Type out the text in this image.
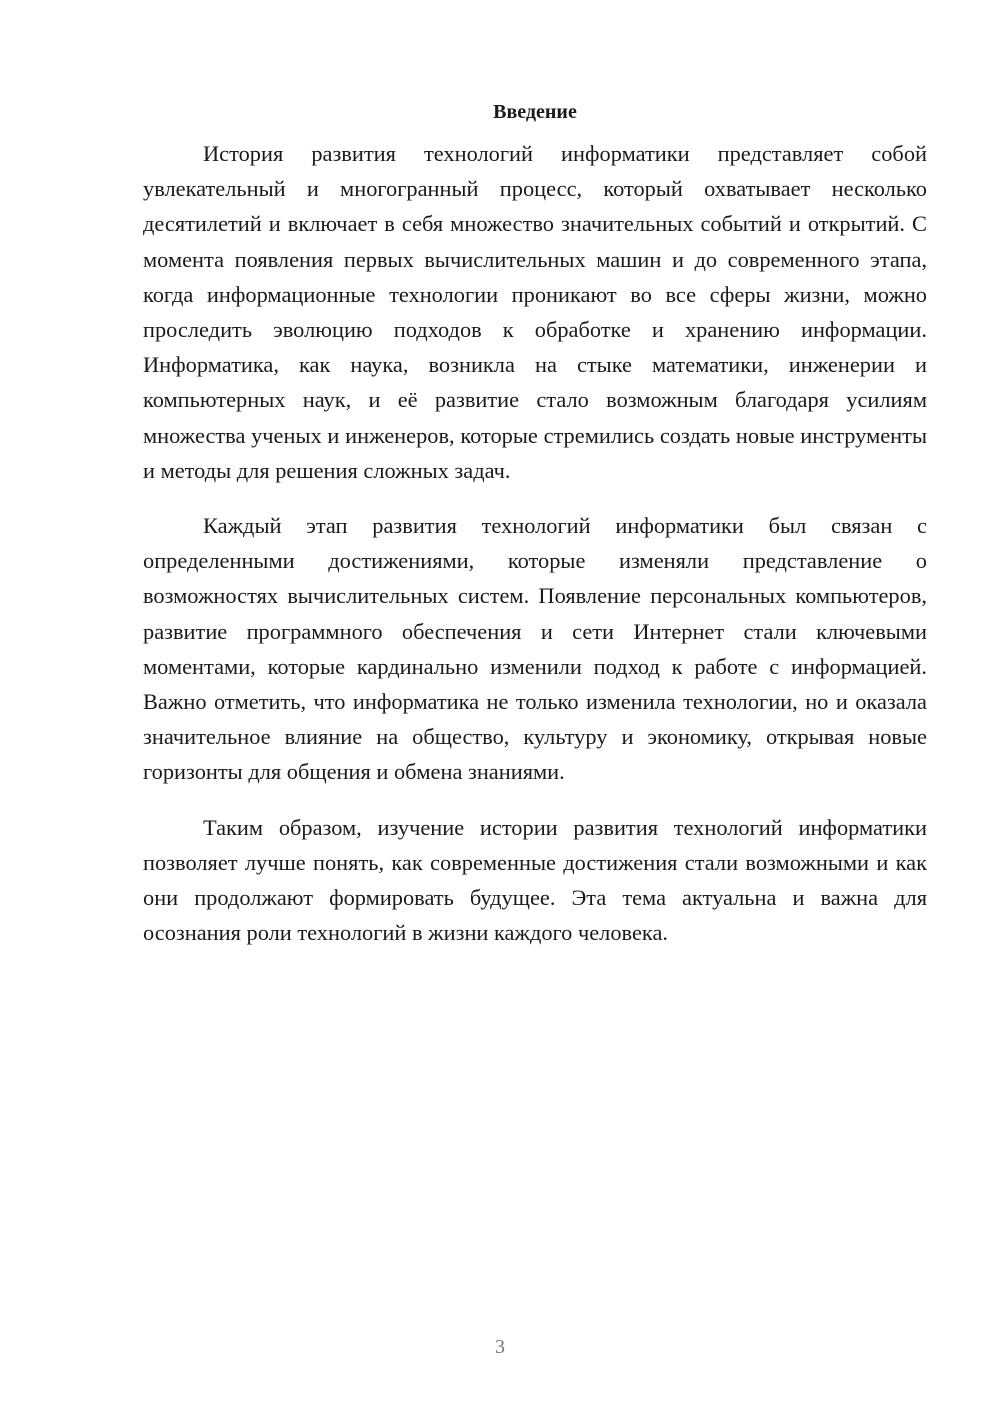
Введение

История развития технологий информатики представляет собой увлекательный и многогранный процесс, который охватывает несколько десятилетий и включает в себя множество значительных событий и открытий. С момента появления первых вычислительных машин и до современного этапа, когда информационные технологии проникают во все сферы жизни, можно проследить эволюцию подходов к обработке и хранению информации. Информатика, как наука, возникла на стыке математики, инженерии и компьютерных наук, и её развитие стало возможным благодаря усилиям множества ученых и инженеров, которые стремились создать новые инструменты и методы для решения сложных задач.

Каждый этап развития технологий информатики был связан с определенными достижениями, которые изменяли представление о возможностях вычислительных систем. Появление персональных компьютеров, развитие программного обеспечения и сети Интернет стали ключевыми моментами, которые кардинально изменили подход к работе с информацией. Важно отметить, что информатика не только изменила технологии, но и оказала значительное влияние на общество, культуру и экономику, открывая новые горизонты для общения и обмена знаниями.

Таким образом, изучение истории развития технологий информатики позволяет лучше понять, как современные достижения стали возможными и как они продолжают формировать будущее. Эта тема актуальна и важна для осознания роли технологий в жизни каждого человека.

3
